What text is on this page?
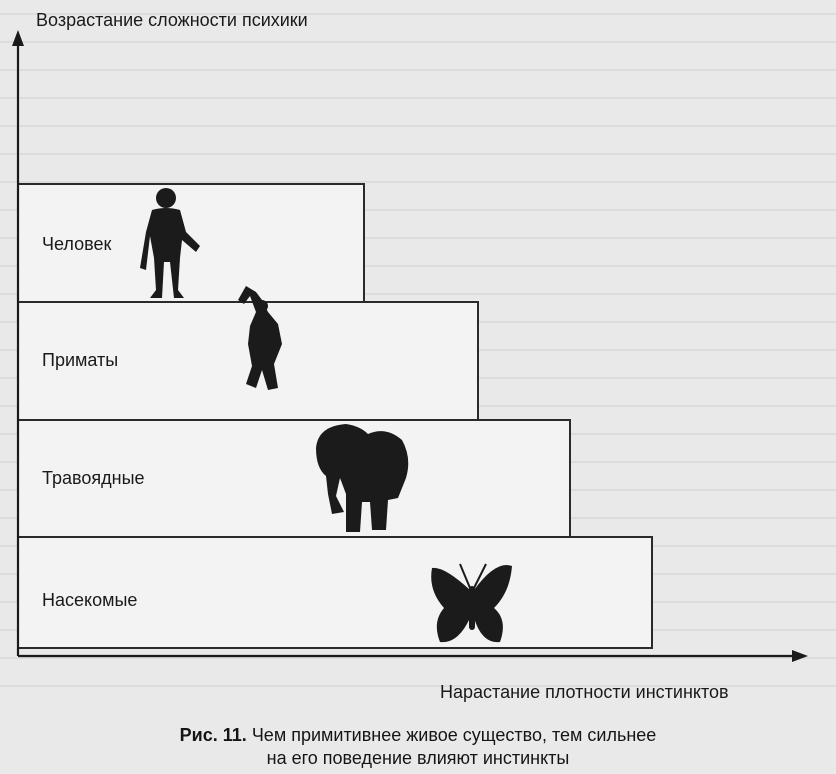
Возрастание сложности психики
Нарастание плотности инстинктов
Человек
Приматы
Травоядные
Насекомые
Рис. 11. Чем примитивнее живое существо, тем сильнее
на его поведение влияют инстинкты
